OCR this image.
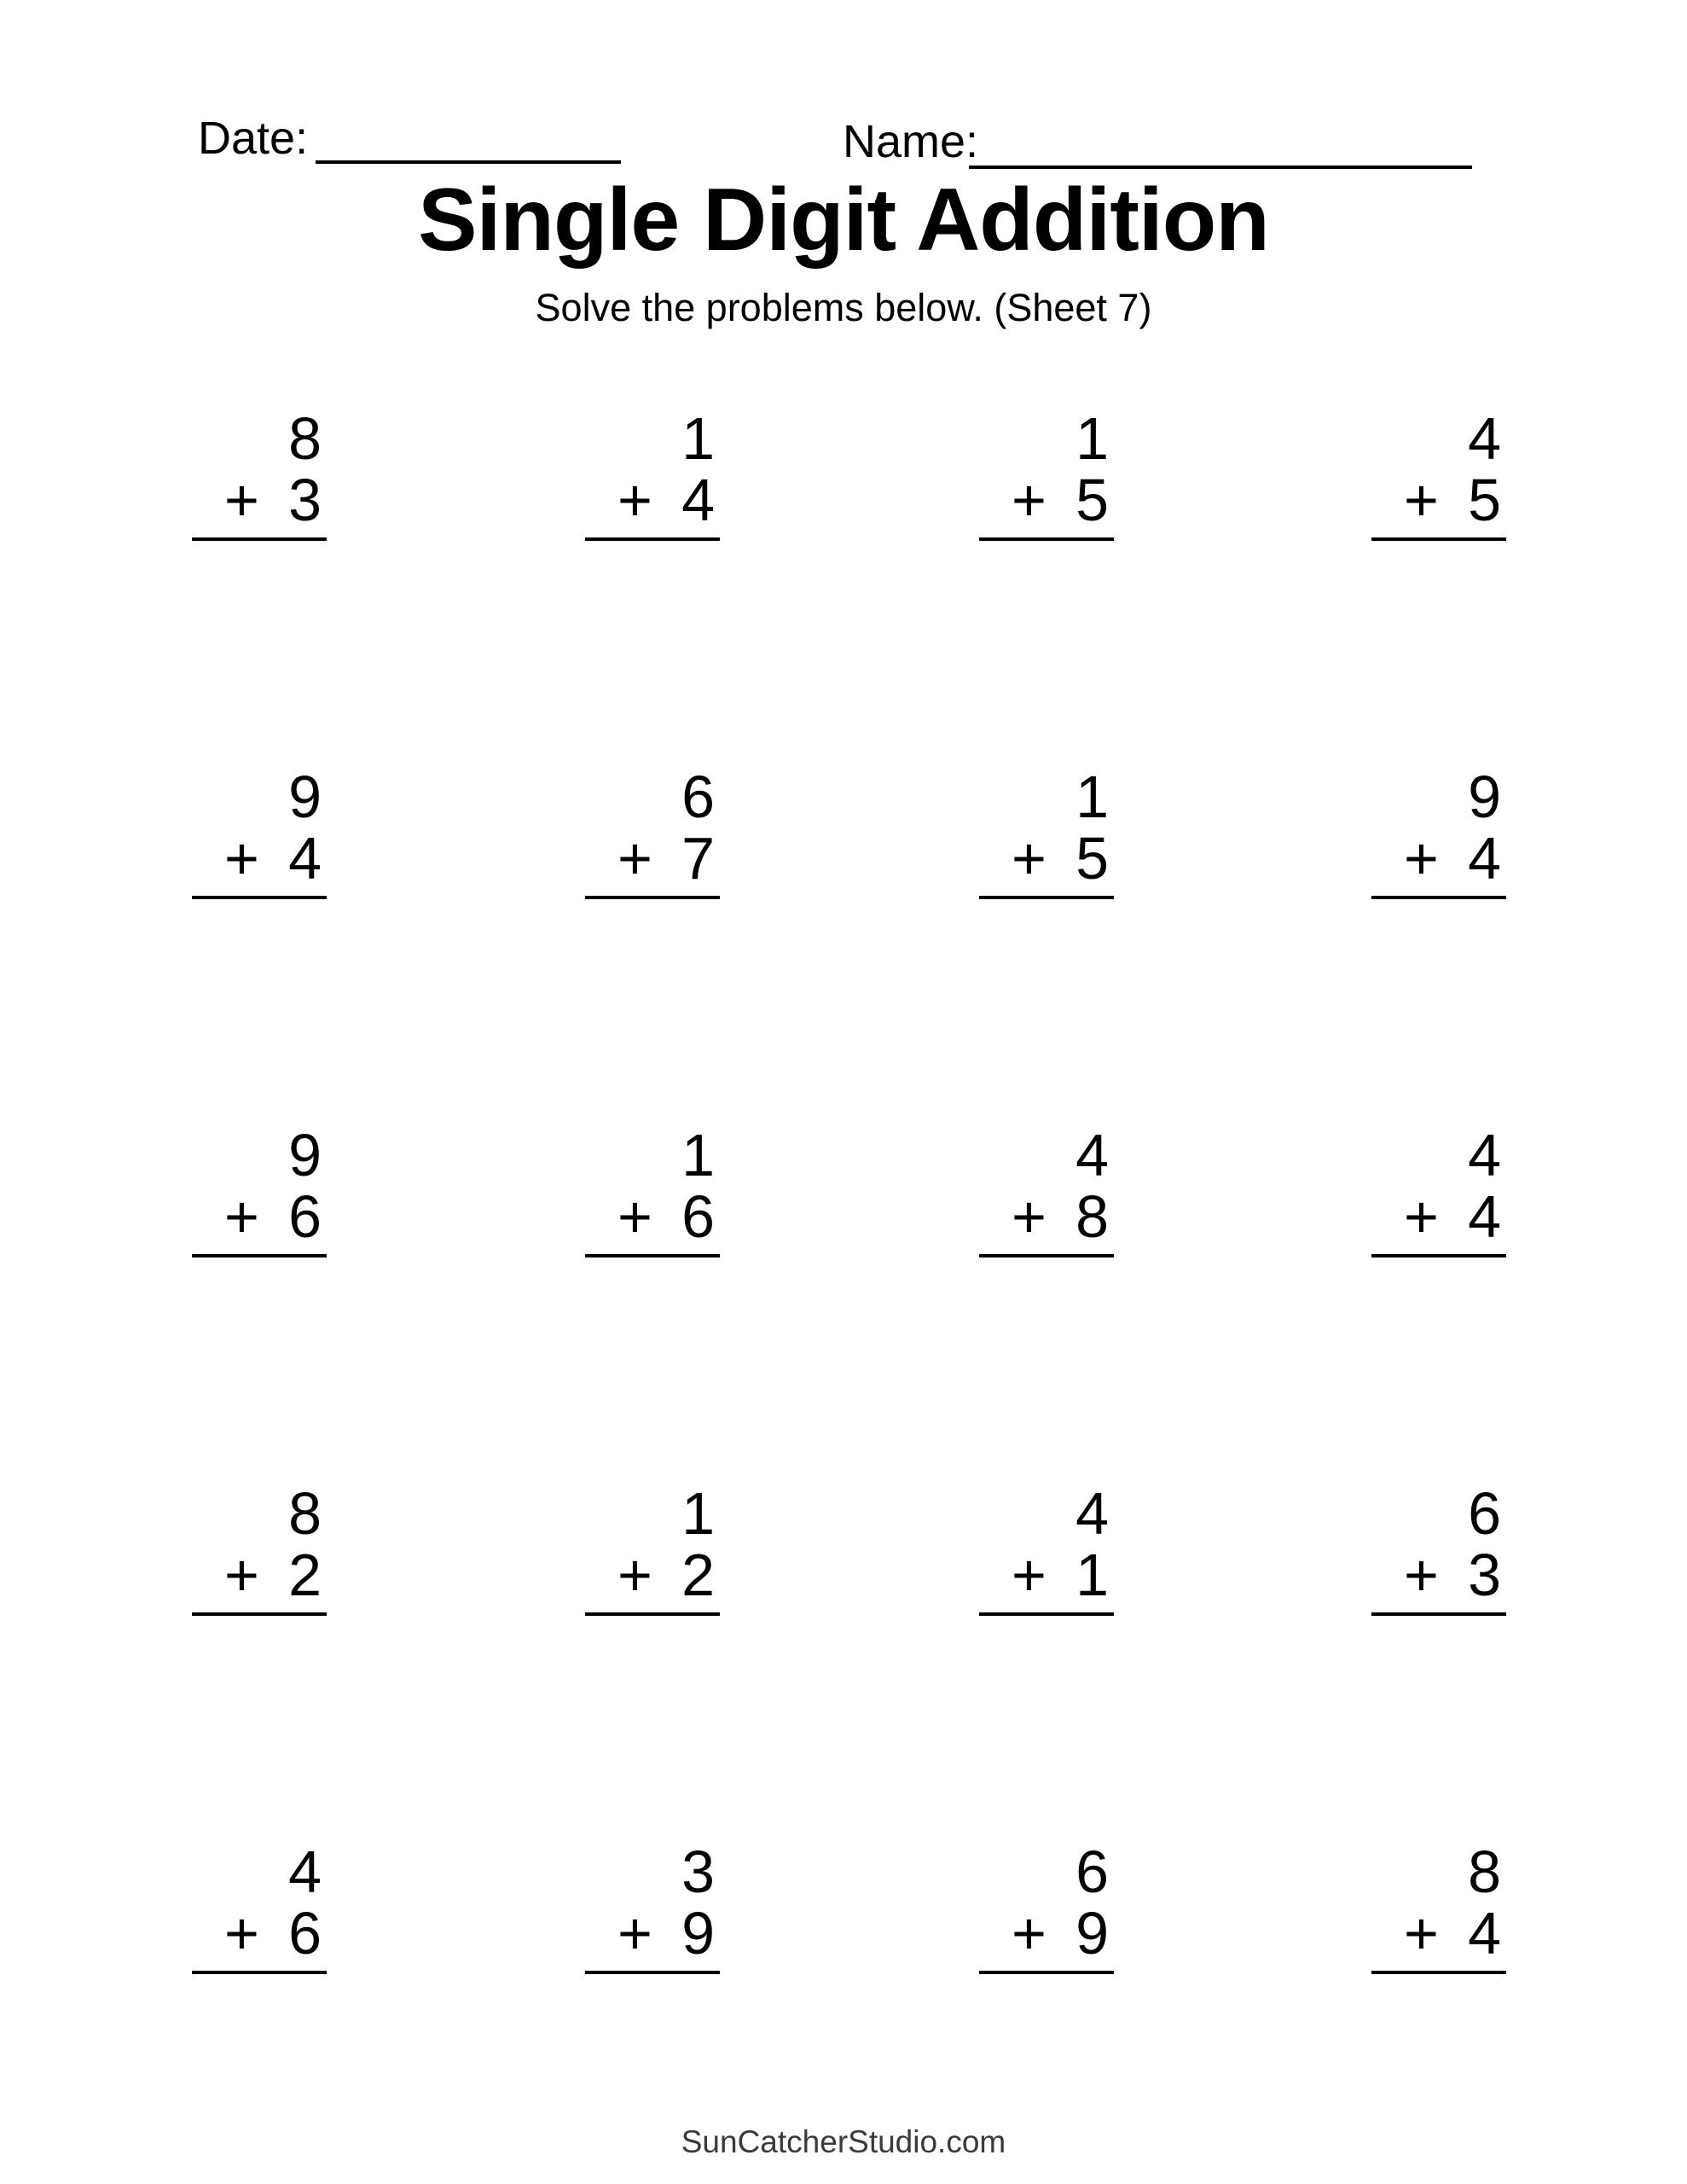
Date:	Name:
Single Digit Addition
Solve the problems below. (Sheet 7)
8
+ 3
1
+ 4
1
+ 5
4
+ 5
9
+ 4
6
+ 7
1
+ 5
9
+ 4
9
+ 6
1
+ 6
4
+ 8
4
+ 4
8
+ 2
1
+ 2
4
+ 1
6
+ 3
4
+ 6
3
+ 9
6
+ 9
8
+ 4
SunCatcherStudio.com
